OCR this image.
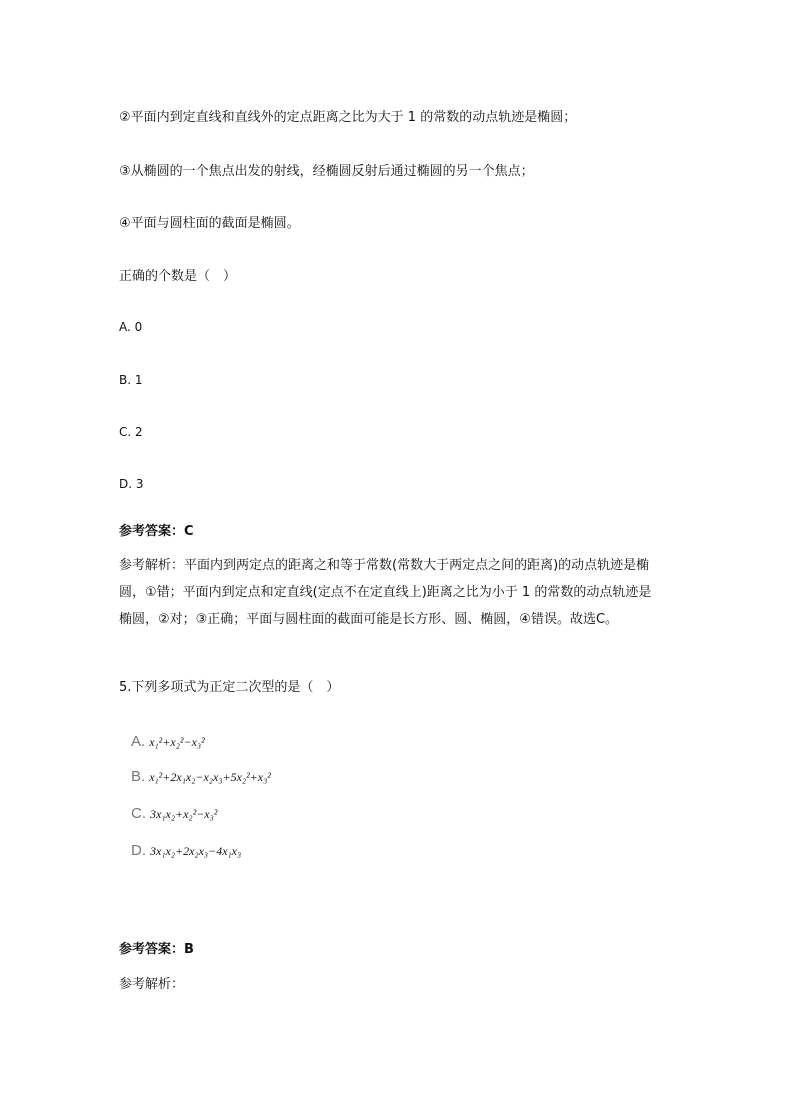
②平面内到定直线和直线外的定点距离之比为大于 1 的常数的动点轨迹是椭圆；
③从椭圆的一个焦点出发的射线，经椭圆反射后通过椭圆的另一个焦点；
④平面与圆柱面的截面是椭圆。
正确的个数是（　）
A. 0
B. 1
C. 2
D. 3
参考答案：C
参考解析：平面内到两定点的距离之和等于常数(常数大于两定点之间的距离)的动点轨迹是椭圆，①错；平面内到定点和定直线(定点不在定直线上)距离之比为小于 1 的常数的动点轨迹是椭圆，②对；③正确；平面与圆柱面的截面可能是长方形、圆、椭圆，④错误。故选C。
5.下列多项式为正定二次型的是（　）
A. x₁²+x₂²−x₃²
B. x₁²+2x₁x₂−x₂x₃+5x₂²+x₃²
C. 3x₁x₂+x₂²−x₃²
D. 3x₁x₂+2x₂x₃−4x₁x₃
参考答案：B
参考解析：
